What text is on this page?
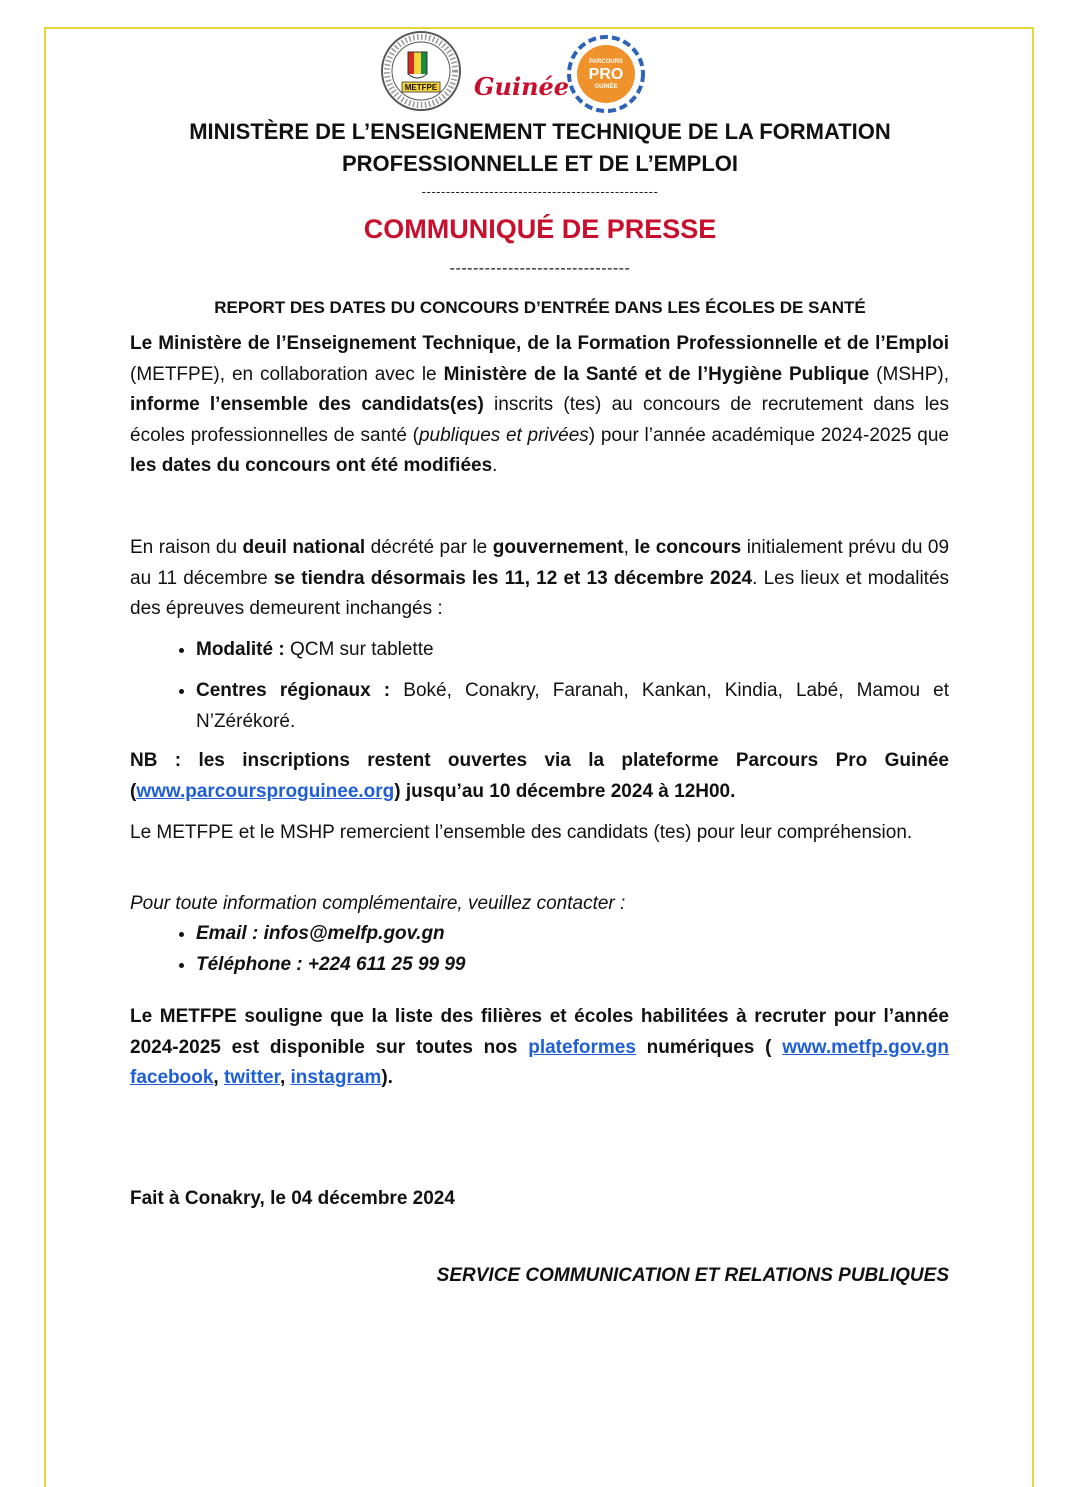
METFPE Guinée
PARCOURS
PRO
GUINÉE
MINISTÈRE DE L’ENSEIGNEMENT TECHNIQUE DE LA FORMATION
PROFESSIONNELLE ET DE L’EMPLOI
-------------------------------------------------
COMMUNIQUÉ DE PRESSE
-------------------------------
REPORT DES DATES DU CONCOURS D’ENTRÉE DANS LES ÉCOLES DE SANTÉ

Le Ministère de l’Enseignement Technique, de la Formation Professionnelle et de l’Emploi (METFPE), en collaboration avec le Ministère de la Santé et de l’Hygiène Publique (MSHP), informe l’ensemble des candidats(es) inscrits (tes) au concours de recrutement dans les écoles professionnelles de santé (publiques et privées) pour l’année académique 2024-2025 que les dates du concours ont été modifiées.

En raison du deuil national décrété par le gouvernement, le concours initialement prévu du 09 au 11 décembre se tiendra désormais les 11, 12 et 13 décembre 2024. Les lieux et modalités des épreuves demeurent inchangés :

• Modalité : QCM sur tablette
• Centres régionaux : Boké, Conakry, Faranah, Kankan, Kindia, Labé, Mamou et N’Zérékoré.

NB : les inscriptions restent ouvertes via la plateforme Parcours Pro Guinée (www.parcoursproguinee.org) jusqu’au 10 décembre 2024 à 12H00.

Le METFPE et le MSHP remercient l’ensemble des candidats (tes) pour leur compréhension.

Pour toute information complémentaire, veuillez contacter :

• Email : infos@melfp.gov.gn
• Téléphone : +224 611 25 99 99

Le METFPE souligne que la liste des filières et écoles habilitées à recruter pour l’année 2024-2025 est disponible sur toutes nos plateformes numériques ( www.metfp.gov.gn facebook, twitter, instagram).

Fait à Conakry, le 04 décembre 2024
SERVICE COMMUNICATION ET RELATIONS PUBLIQUES
